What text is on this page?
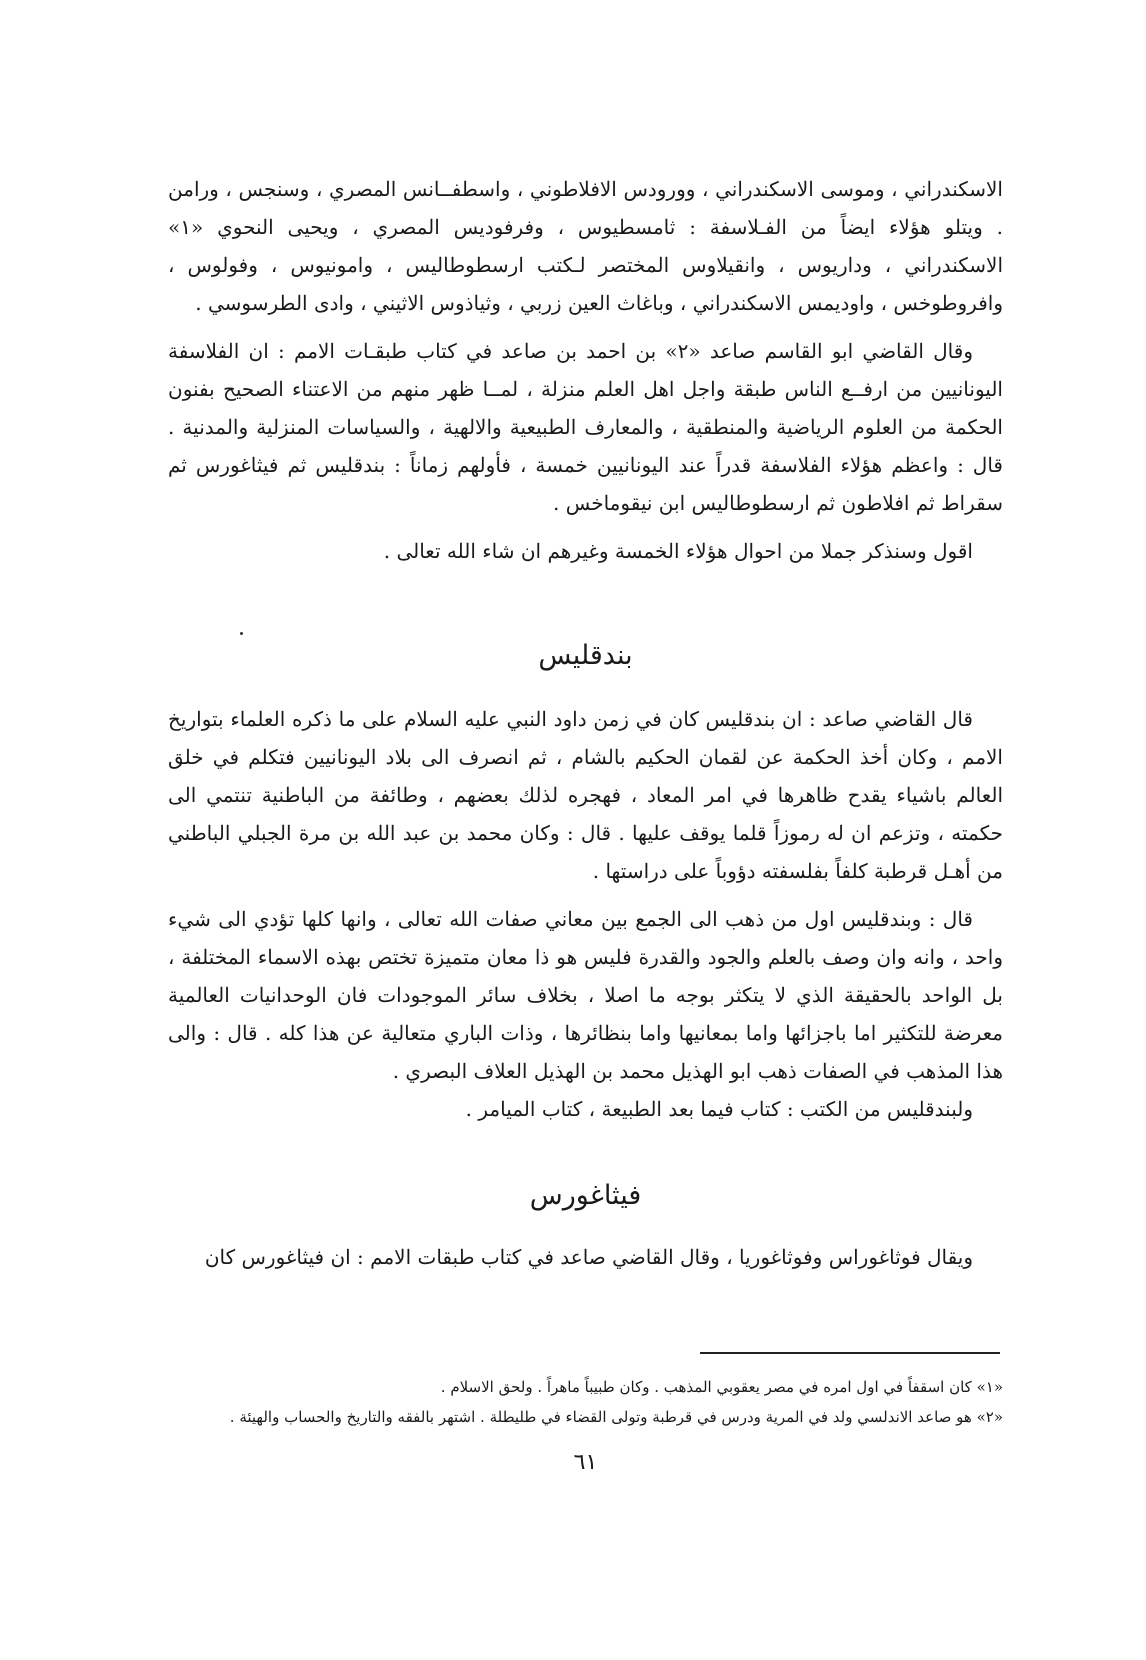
الاسكندراني ، وموسى الاسكندراني ، وورودس الافلاطوني ، واسطفــانس المصري ، وسنجس ، ورامن . ويتلو هؤلاء ايضاً من الفـلاسفة : ثامسطيوس ، وفرفوديس المصري ، ويحيى النحوي «١» الاسكندراني ، وداريوس ، وانقيلاوس المختصر لـكتب ارسطوطاليس ، وامونيوس ، وفولوس ، وافروطوخس ، واوديمس الاسكندراني ، وباغاث العين زربي ، وثياذوس الاثيني ، وادى الطرسوسي .

وقال القاضي ابو القاسم صاعد «٢» بن احمد بن صاعد في كتاب طبقـات الامم : ان الفلاسفة اليونانيين من ارفــع الناس طبقة واجل اهل العلم منزلة ، لمــا ظهر منهم من الاعتناء الصحيح بفنون الحكمة من العلوم الرياضية والمنطقية ، والمعارف الطبيعية والالهية ، والسياسات المنزلية والمدنية . قال : واعظم هؤلاء الفلاسفة قدراً عند اليونانيين خمسة ، فأولهم زماناً : بندقليس ثم فيثاغورس ثم سقراط ثم افلاطون ثم ارسطوطاليس ابن نيقوماخس .

اقول وسنذكر جملا من احوال هؤلاء الخمسة وغيرهم ان شاء الله تعالى .

بندقليس

قال القاضي صاعد : ان بندقليس كان في زمن داود النبي عليه السلام على ما ذكره العلماء بتواريخ الامم ، وكان أخذ الحكمة عن لقمان الحكيم بالشام ، ثم انصرف الى بلاد اليونانيين فتكلم في خلق العالم باشياء يقدح ظاهرها في امر المعاد ، فهجره لذلك بعضهم ، وطائفة من الباطنية تنتمي الى حكمته ، وتزعم ان له رموزاً قلما يوقف عليها . قال : وكان محمد بن عبد الله بن مرة الجبلي الباطني من أهـل قرطبة كلفاً بفلسفته دؤوباً على دراستها .

قال : وبندقليس اول من ذهب الى الجمع بين معاني صفات الله تعالى ، وانها كلها تؤدي الى شيء واحد ، وانه وان وصف بالعلم والجود والقدرة فليس هو ذا معان متميزة تختص بهذه الاسماء المختلفة ، بل الواحد بالحقيقة الذي لا يتكثر بوجه ما اصلا ، بخلاف سائر الموجودات فان الوحدانيات العالمية معرضة للتكثير اما باجزائها واما بمعانيها واما بنظائرها ، وذات الباري متعالية عن هذا كله . قال : والى هذا المذهب في الصفات ذهب ابو الهذيل محمد بن الهذيل العلاف البصري .

ولبندقليس من الكتب : كتاب فيما بعد الطبيعة ، كتاب الميامر .

فيثاغورس

ويقال فوثاغوراس وفوثاغوريا ، وقال القاضي صاعد في كتاب طبقات الامم : ان فيثاغورس كان

«١» كان اسقفاً في اول امره في مصر يعقوبي المذهب . وكان طبيباً ماهراً . ولحق الاسلام .

«٢» هو صاعد الاندلسي ولد في المرية ودرس في قرطبة وتولى القضاء في طليطلة . اشتهر بالفقه والتاريخ والحساب والهيئة .

٦١
